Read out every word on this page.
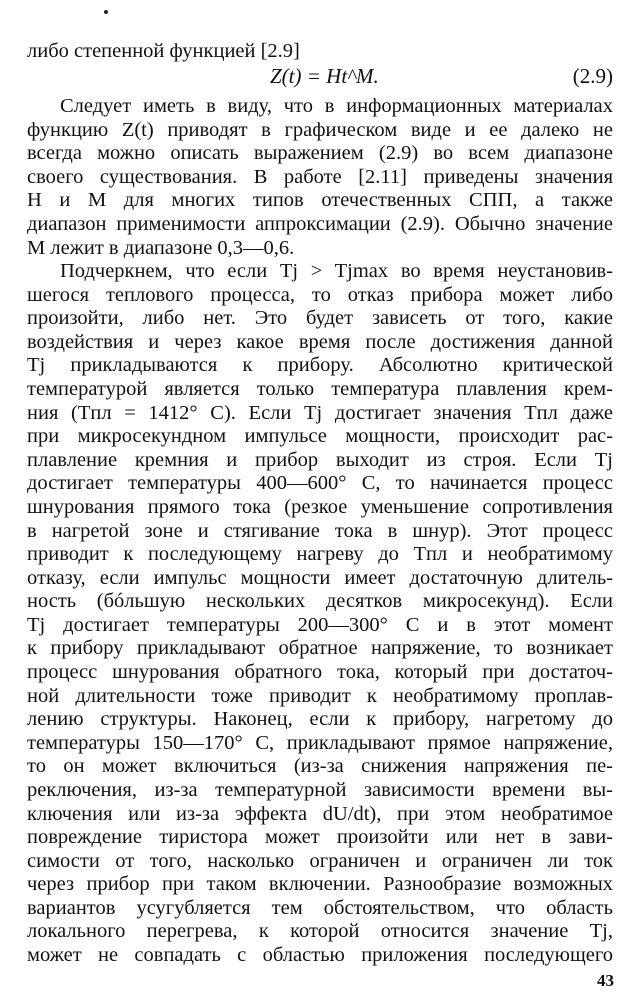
либо степенной функцией [2.9]
Z(t) = Ht^M.	(2.9)
Следует иметь в виду, что в информационных материалах
функцию Z(t) приводят в графическом виде и ее далеко не
всегда можно описать выражением (2.9) во всем диапазоне
своего существования. В работе [2.11] приведены значения
H и M для многих типов отечественных СПП, а также
диапазон применимости аппроксимации (2.9). Обычно значение
M лежит в диапазоне 0,3—0,6.
Подчеркнем, что если Tj > Tjmax во время неустановив-
шегося теплового процесса, то отказ прибора может либо
произойти, либо нет. Это будет зависеть от того, какие
воздействия и через какое время после достижения данной
Tj прикладываются к прибору. Абсолютно критической
температурой является только температура плавления крем-
ния (Tпл = 1412° С). Если Tj достигает значения Tпл даже
при микросекундном импульсе мощности, происходит рас-
плавление кремния и прибор выходит из строя. Если Tj
достигает температуры 400—600° С, то начинается процесс
шнурования прямого тока (резкое уменьшение сопротивления
в нагретой зоне и стягивание тока в шнур). Этот процесс
приводит к последующему нагреву до Tпл и необратимому
отказу, если импульс мощности имеет достаточную длитель-
ность (бóльшую нескольких десятков микросекунд). Если
Tj достигает температуры 200—300° С и в этот момент
к прибору прикладывают обратное напряжение, то возникает
процесс шнурования обратного тока, который при достаточ-
ной длительности тоже приводит к необратимому проплав-
лению структуры. Наконец, если к прибору, нагретому до
температуры 150—170° С, прикладывают прямое напряжение,
то он может включиться (из-за снижения напряжения пе-
реключения, из-за температурной зависимости времени вы-
ключения или из-за эффекта dU/dt), при этом необратимое
повреждение тиристора может произойти или нет в зави-
симости от того, насколько ограничен и ограничен ли ток
через прибор при таком включении. Разнообразие возможных
вариантов усугубляется тем обстоятельством, что область
локального перегрева, к которой относится значение Tj,
может не совпадать с областью приложения последующего
43
